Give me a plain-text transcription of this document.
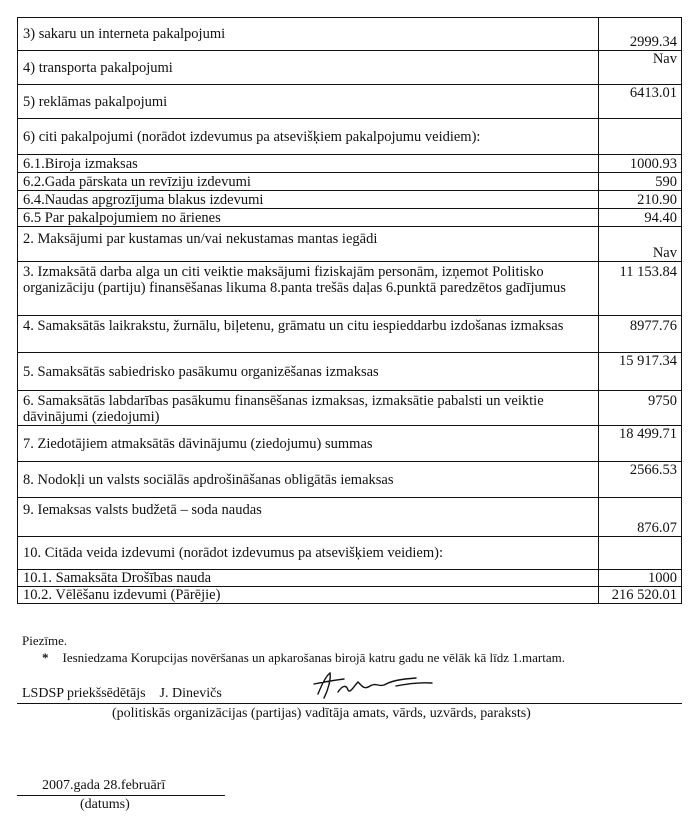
3) sakaru un interneta pakalpojumi	2999.34
4) transporta pakalpojumi	Nav
5) reklāmas pakalpojumi	6413.01
6) citi pakalpojumi (norādot izdevumus pa atsevišķiem pakalpojumu veidiem):	
6.1.Biroja izmaksas	1000.93
6.2.Gada pārskata un revīziju izdevumi	590
6.4.Naudas apgrozījuma blakus izdevumi	210.90
6.5 Par pakalpojumiem no ārienes	94.40
2. Maksājumi par kustamas un/vai nekustamas mantas iegādi	Nav
3. Izmaksātā darba alga un citi veiktie maksājumi fiziskajām personām, izņemot Politisko organizāciju (partiju) finansēšanas likuma 8.panta trešās daļas 6.punktā paredzētos gadījumus	11 153.84
4. Samaksātās laikrakstu, žurnālu, biļetenu, grāmatu un citu iespieddarbu izdošanas izmaksas	8977.76
5. Samaksātās sabiedrisko pasākumu organizēšanas izmaksas	15 917.34
6. Samaksātās labdarības pasākumu finansēšanas izmaksas, izmaksātie pabalsti un veiktie dāvinājumi (ziedojumi)	9750
7. Ziedotājiem atmaksātās dāvinājumu (ziedojumu) summas	18 499.71
8. Nodokļi un valsts sociālās apdrošināšanas obligātās iemaksas	2566.53
9. Iemaksas valsts budžetā – soda naudas	876.07
10. Citāda veida izdevumi (norādot izdevumus pa atsevišķiem veidiem):	
10.1. Samaksāta Drošības nauda	1000
10.2. Vēlēšanu izdevumi (Pārējie)	216 520.01
Piezīme.
* Iesniedzama Korupcijas novēršanas un apkarošanas birojā katru gadu ne vēlāk kā līdz 1.martam.
LSDSP priekšsēdētājs J. Dinevičs
(politiskās organizācijas (partijas) vadītāja amats, vārds, uzvārds, paraksts)
2007.gada 28.februārī
(datums)
